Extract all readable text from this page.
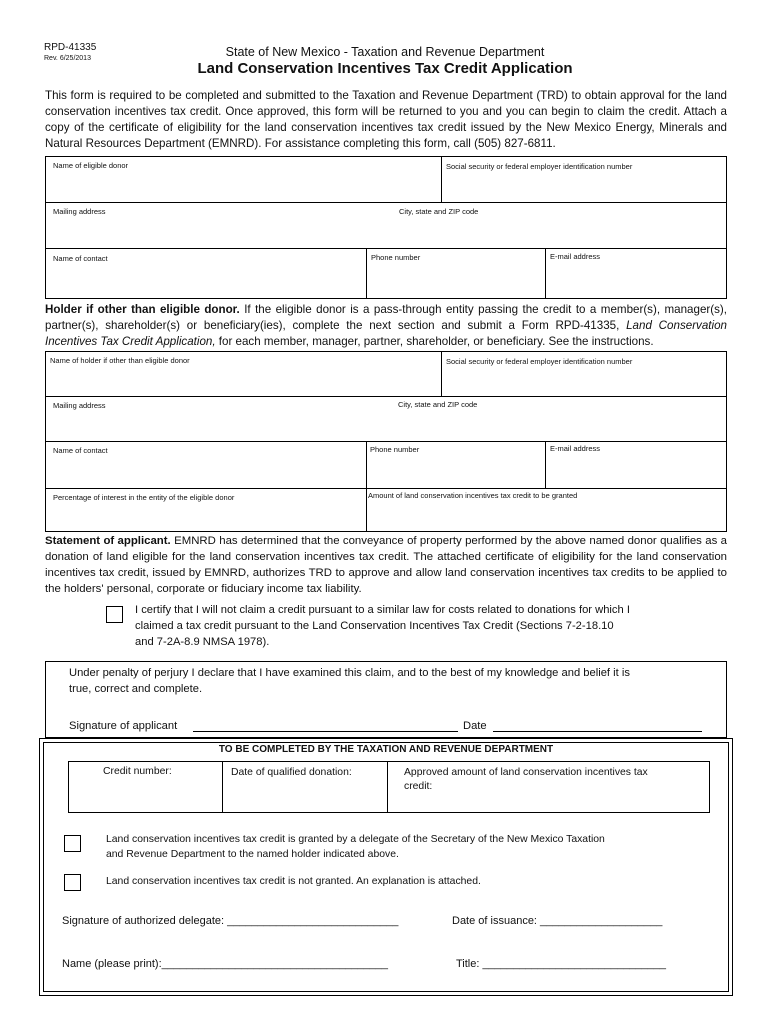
RPD-41335
Rev. 6/25/2013	State of New Mexico - Taxation and Revenue Department
Land Conservation Incentives Tax Credit Application
This form is required to be completed and submitted to the Taxation and Revenue Department (TRD) to obtain approval for the land conservation incentives tax credit. Once approved, this form will be returned to you and you can begin to claim the credit. Attach a copy of the certificate of eligibility for the land conservation incentives tax credit issued by the New Mexico Energy, Minerals and Natural Resources Department (EMNRD). For assistance completing this form, call (505) 827-6811.
Name of eligible donor	Social security or federal employer identification number
Mailing address	City, state and ZIP code
Name of contact	Phone number	E-mail address
Holder if other than eligible donor. If the eligible donor is a pass-through entity passing the credit to a member(s), manager(s), partner(s), shareholder(s) or beneficiary(ies), complete the next section and submit a Form RPD-41335, Land Conservation Incentives Tax Credit Application, for each member, manager, partner, shareholder, or beneficiary. See the instructions.
Name of holder if other than eligible donor	Social security or federal employer identification number
Mailing address	City, state and ZIP code
Name of contact	Phone number	E-mail address
Percentage of interest in the entity of the eligible donor	Amount of land conservation incentives tax credit to be granted
Statement of applicant. EMNRD has determined that the conveyance of property performed by the above named donor qualifies as a donation of land eligible for the land conservation incentives tax credit. The attached certificate of eligibility for the land conservation incentives tax credit, issued by EMNRD, authorizes TRD to approve and allow land conservation incentives tax credits to be applied to the holders' personal, corporate or fiduciary income tax liability.
I certify that I will not claim a credit pursuant to a similar law for costs related to donations for which I
claimed a tax credit pursuant to the Land Conservation Incentives Tax Credit (Sections 7-2-18.10
and 7-2A-8.9 NMSA 1978).
Under penalty of perjury I declare that I have examined this claim, and to the best of my knowledge and belief it is
true, correct and complete.
Signature of applicant	Date
TO BE COMPLETED BY THE TAXATION AND REVENUE DEPARTMENT
Credit number:	Date of qualified donation:	Approved amount of land conservation incentives tax
credit:
Land conservation incentives tax credit is granted by a delegate of the Secretary of the New Mexico Taxation
and Revenue Department to the named holder indicated above.
Land conservation incentives tax credit is not granted. An explanation is attached.
Signature of authorized delegate: ____________________________	Date of issuance: ____________________
Name (please print):_____________________________________	Title: ______________________________
